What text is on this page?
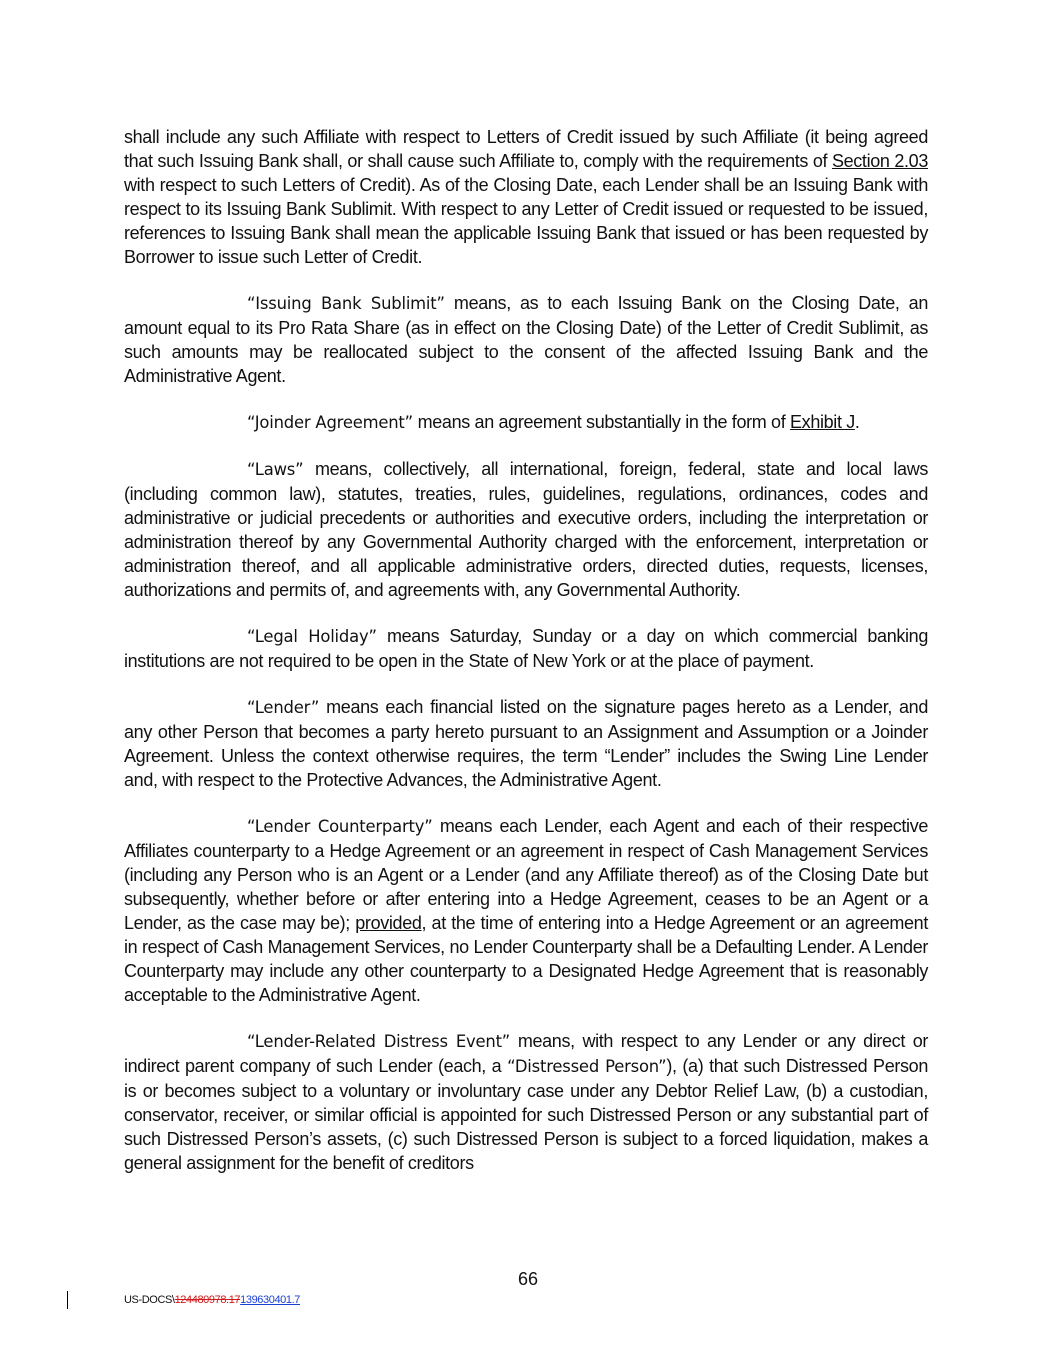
shall include any such Affiliate with respect to Letters of Credit issued by such Affiliate (it being agreed that such Issuing Bank shall, or shall cause such Affiliate to, comply with the requirements of Section 2.03 with respect to such Letters of Credit). As of the Closing Date, each Lender shall be an Issuing Bank with respect to its Issuing Bank Sublimit. With respect to any Letter of Credit issued or requested to be issued, references to Issuing Bank shall mean the applicable Issuing Bank that issued or has been requested by Borrower to issue such Letter of Credit.

“Issuing Bank Sublimit” means, as to each Issuing Bank on the Closing Date, an amount equal to its Pro Rata Share (as in effect on the Closing Date) of the Letter of Credit Sublimit, as such amounts may be reallocated subject to the consent of the affected Issuing Bank and the Administrative Agent.

“Joinder Agreement” means an agreement substantially in the form of Exhibit J.

“Laws” means, collectively, all international, foreign, federal, state and local laws (including common law), statutes, treaties, rules, guidelines, regulations, ordinances, codes and administrative or judicial precedents or authorities and executive orders, including the interpretation or administration thereof by any Governmental Authority charged with the enforcement, interpretation or administration thereof, and all applicable administrative orders, directed duties, requests, licenses, authorizations and permits of, and agreements with, any Governmental Authority.

“Legal Holiday” means Saturday, Sunday or a day on which commercial banking institutions are not required to be open in the State of New York or at the place of payment.

“Lender” means each financial listed on the signature pages hereto as a Lender, and any other Person that becomes a party hereto pursuant to an Assignment and Assumption or a Joinder Agreement. Unless the context otherwise requires, the term “Lender” includes the Swing Line Lender and, with respect to the Protective Advances, the Administrative Agent.

“Lender Counterparty” means each Lender, each Agent and each of their respective Affiliates counterparty to a Hedge Agreement or an agreement in respect of Cash Management Services (including any Person who is an Agent or a Lender (and any Affiliate thereof) as of the Closing Date but subsequently, whether before or after entering into a Hedge Agreement, ceases to be an Agent or a Lender, as the case may be); provided, at the time of entering into a Hedge Agreement or an agreement in respect of Cash Management Services, no Lender Counterparty shall be a Defaulting Lender. A Lender Counterparty may include any other counterparty to a Designated Hedge Agreement that is reasonably acceptable to the Administrative Agent.

“Lender-Related Distress Event” means, with respect to any Lender or any direct or indirect parent company of such Lender (each, a “Distressed Person”), (a) that such Distressed Person is or becomes subject to a voluntary or involuntary case under any Debtor Relief Law, (b) a custodian, conservator, receiver, or similar official is appointed for such Distressed Person or any substantial part of such Distressed Person’s assets, (c) such Distressed Person is subject to a forced liquidation, makes a general assignment for the benefit of creditors

66
US-DOCS\124480978.17139630401.7
